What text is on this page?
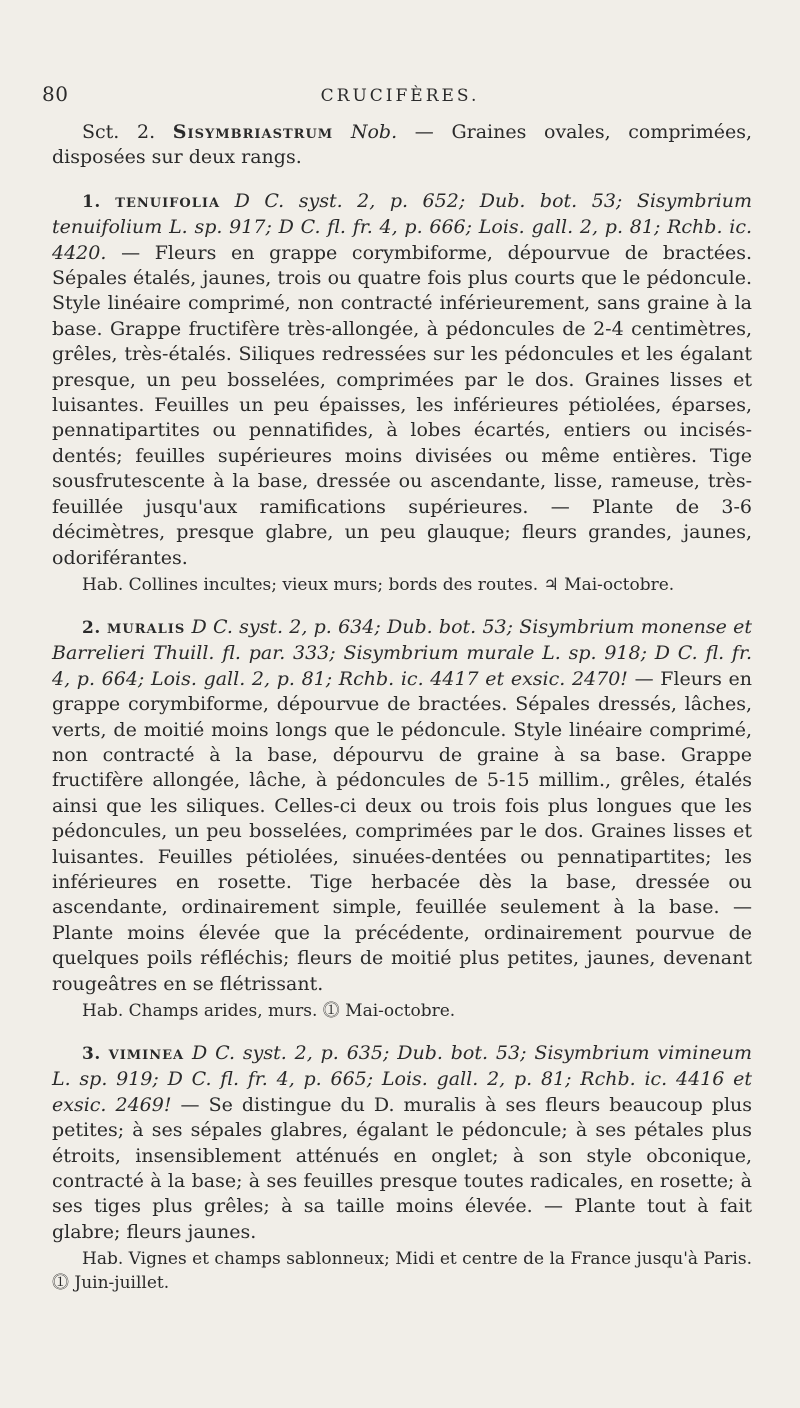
80	CRUCIFÈRES.

Sct. 2. Sisymbriastrum Nob. — Graines ovales, comprimées, disposées sur deux rangs.

1. tenuifolia D C. syst. 2, p. 652; Dub. bot. 53; Sisymbrium tenuifolium L. sp. 917; D C. fl. fr. 4, p. 666; Lois. gall. 2, p. 81; Rchb. ic. 4420. — Fleurs en grappe corymbiforme, dépourvue de bractées. Sépales étalés, jaunes, trois ou quatre fois plus courts que le pédoncule. Style linéaire comprimé, non contracté inférieurement, sans graine à la base. Grappe fructifère très-allongée, à pédoncules de 2-4 centimètres, grêles, très-étalés. Siliques redressées sur les pédoncules et les égalant presque, un peu bosselées, comprimées par le dos. Graines lisses et luisantes. Feuilles un peu épaisses, les inférieures pétiolées, éparses, pennatipartites ou pennatifides, à lobes écartés, entiers ou incisés-dentés; feuilles supérieures moins divisées ou même entières. Tige sousfrutescente à la base, dressée ou ascendante, lisse, rameuse, très-feuillée jusqu'aux ramifications supérieures. — Plante de 3-6 décimètres, presque glabre, un peu glauque; fleurs grandes, jaunes, odoriférantes.

Hab. Collines incultes; vieux murs; bords des routes. ♃ Mai-octobre.

2. muralis D C. syst. 2, p. 634; Dub. bot. 53; Sisymbrium monense et Barrelieri Thuill. fl. par. 333; Sisymbrium murale L. sp. 918; D C. fl. fr. 4, p. 664; Lois. gall. 2, p. 81; Rchb. ic. 4417 et exsic. 2470! — Fleurs en grappe corymbiforme, dépourvue de bractées. Sépales dressés, lâches, verts, de moitié moins longs que le pédoncule. Style linéaire comprimé, non contracté à la base, dépourvu de graine à sa base. Grappe fructifère allongée, lâche, à pédoncules de 5-15 millim., grêles, étalés ainsi que les siliques. Celles-ci deux ou trois fois plus longues que les pédoncules, un peu bosselées, comprimées par le dos. Graines lisses et luisantes. Feuilles pétiolées, sinuées-dentées ou pennatipartites; les inférieures en rosette. Tige herbacée dès la base, dressée ou ascendante, ordinairement simple, feuillée seulement à la base. — Plante moins élevée que la précédente, ordinairement pourvue de quelques poils réfléchis; fleurs de moitié plus petites, jaunes, devenant rougeâtres en se flétrissant.

Hab. Champs arides, murs. ⓵ Mai-octobre.

3. viminea D C. syst. 2, p. 635; Dub. bot. 53; Sisymbrium vimineum L. sp. 919; D C. fl. fr. 4, p. 665; Lois. gall. 2, p. 81; Rchb. ic. 4416 et exsic. 2469! — Se distingue du D. muralis à ses fleurs beaucoup plus petites; à ses sépales glabres, égalant le pédoncule; à ses pétales plus étroits, insensiblement atténués en onglet; à son style obconique, contracté à la base; à ses feuilles presque toutes radicales, en rosette; à ses tiges plus grêles; à sa taille moins élevée. — Plante tout à fait glabre; fleurs jaunes.

Hab. Vignes et champs sablonneux; Midi et centre de la France jusqu'à Paris. ⓵ Juin-juillet.
